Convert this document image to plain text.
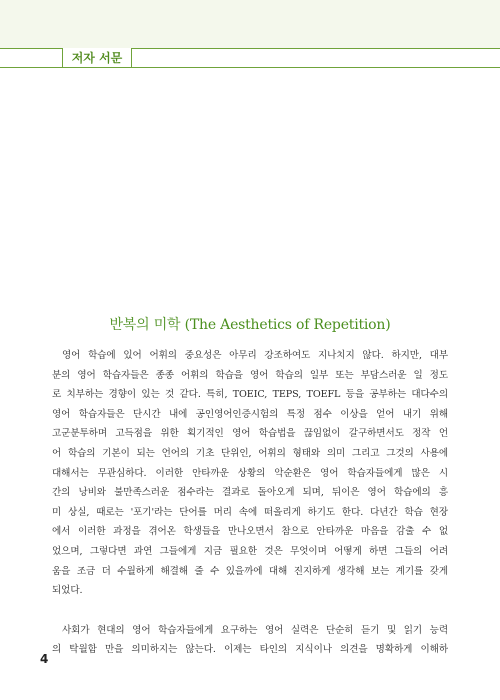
저자 서문
반복의 미학 (The Aesthetics of Repetition)
영어 학습에 있어 어휘의 중요성은 아무리 강조하여도 지나치지 않다. 하지만, 대부
분의 영어 학습자들은 종종 어휘의 학습을 영어 학습의 일부 또는 부담스러운 일 정도
로 치부하는 경향이 있는 것 같다. 특히, TOEIC, TEPS, TOEFL 등을 공부하는 대다수의
영어 학습자들은 단시간 내에 공인영어인증시험의 특정 점수 이상을 얻어 내기 위해
고군분투하며 고득점을 위한 획기적인 영어 학습법을 끊임없이 갈구하면서도 정작 언
어 학습의 기본이 되는 언어의 기초 단위인, 어휘의 형태와 의미 그리고 그것의 사용에
대해서는 무관심하다. 이러한 안타까운 상황의 악순환은 영어 학습자들에게 많은 시
간의 낭비와 불만족스러운 점수라는 결과로 돌아오게 되며, 뒤이은 영어 학습에의 흥
미 상실, 때로는 '포기'라는 단어를 머리 속에 떠올리게 하기도 한다. 다년간 학습 현장
에서 이러한 과정을 겪어온 학생들을 만나오면서 참으로 안타까운 마음을 감출 수 없
었으며, 그렇다면 과연 그들에게 지금 필요한 것은 무엇이며 어떻게 하면 그들의 어려
움을 조금 더 수월하게 해결해 줄 수 있을까에 대해 진지하게 생각해 보는 계기를 갖게
되었다.
사회가 현대의 영어 학습자들에게 요구하는 영어 실력은 단순히 듣기 및 읽기 능력
의 탁월함 만을 의미하지는 않는다. 이제는 타인의 지식이나 의견을 명확하게 이해하
4
